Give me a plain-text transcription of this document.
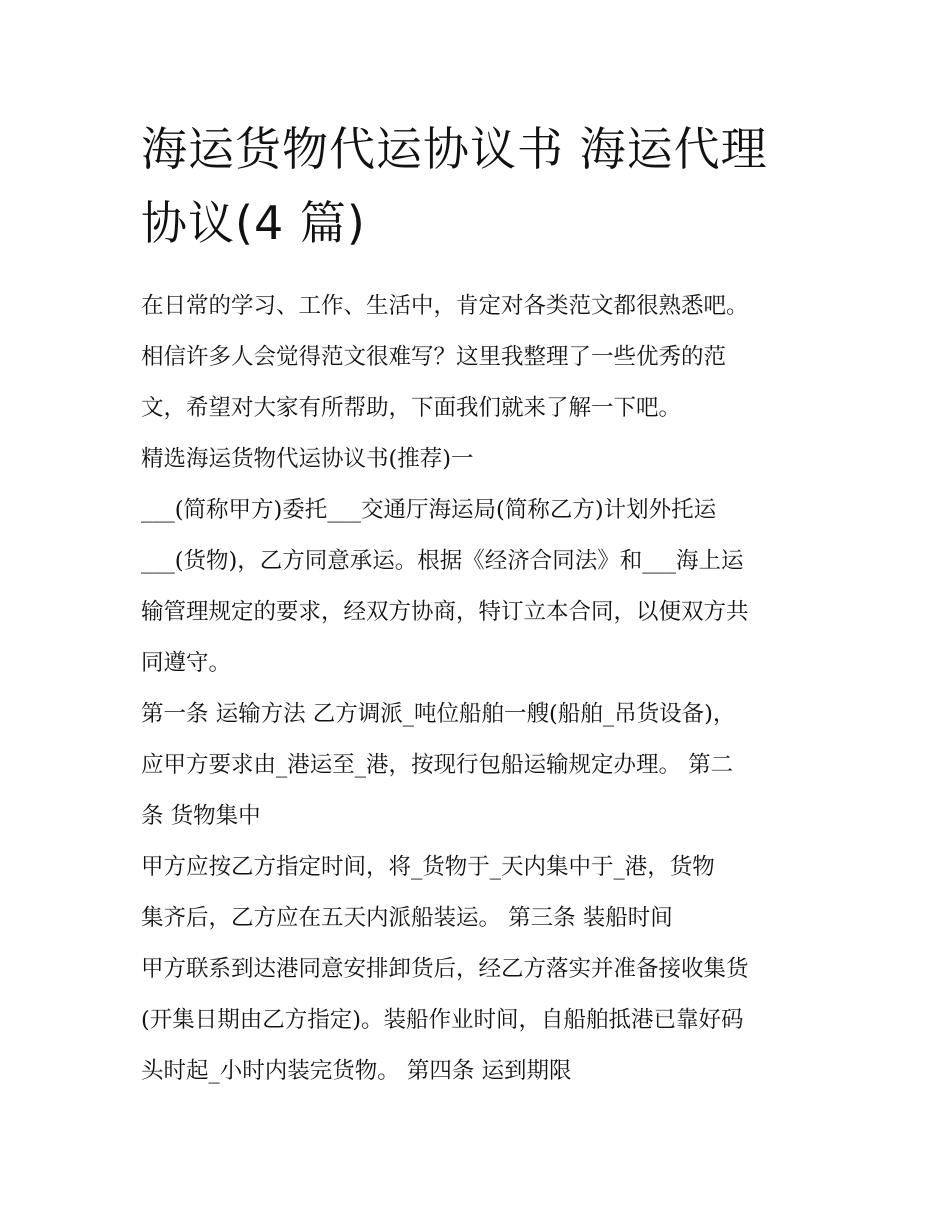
海运货物代运协议书 海运代理
协议(4 篇)
在日常的学习、工作、生活中，肯定对各类范文都很熟悉吧。
相信许多人会觉得范文很难写？这里我整理了一些优秀的范
文，希望对大家有所帮助，下面我们就来了解一下吧。
精选海运货物代运协议书(推荐)一
___(简称甲方)委托___交通厅海运局(简称乙方)计划外托运
___(货物)，乙方同意承运。根据《经济合同法》和___海上运
输管理规定的要求，经双方协商，特订立本合同，以便双方共
同遵守。
第一条 运输方法 乙方调派_吨位船舶一艘(船舶_吊货设备)，
应甲方要求由_港运至_港，按现行包船运输规定办理。 第二
条 货物集中
甲方应按乙方指定时间，将_货物于_天内集中于_港，货物
集齐后，乙方应在五天内派船装运。 第三条 装船时间
甲方联系到达港同意安排卸货后，经乙方落实并准备接收集货
(开集日期由乙方指定)。装船作业时间，自船舶抵港已靠好码
头时起_小时内装完货物。 第四条 运到期限
